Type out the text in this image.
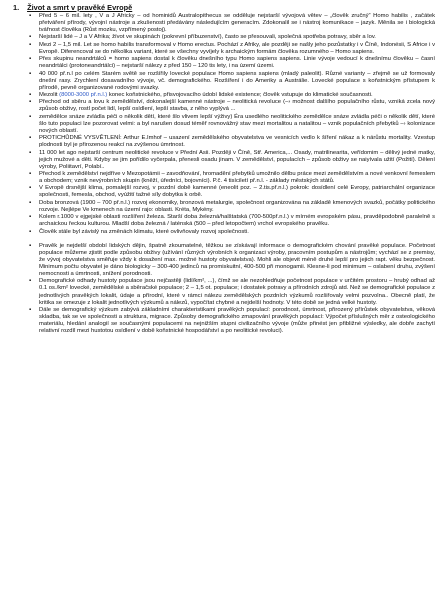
1. Život a smrt v pravěké Evropě
▪ Před 5 – 6 mil. lety , V a J Africky – od hominidů Australopithecus se odděluje nejstarší vývojová větev – „člověk zručný“ Homo habilis , začátek přetváření přírody, vývojní nástroje a zkušenosti předávány následujícím generacím. Zdokonalil se i nástroj komunikace – jazyk. Měnila se i biologická tvářnost člověka (Růst mozku, vzpřímený postoj).
▪ Nejstarší lidé – J a V Afrika; žívot ve skupinách (pokrevní příbuzenství), často se přesouvali, společná spotřeba potravy, sběr a lov.
▪ Mezi 2 – 1,5 mil. Let se homo habilis transformoval v Homo erectus. Pochází z Afriky, ale později se našly jeho pozůstatky i v Číně, Indonésii, S Africe i v Evropě. Diferencoval se do několika variant, které se všechny vyvíjely k archaickým formám člověka rozumného – Homo sapiens.
▪ Přes skupinu neandrtálců = homo sapiens dostal k člověku dnešního typu Homo sapiens sapiens. Linie vývoje vedoucí k dnešnímu člověku – časní neandrtálci (protoneandrtálci) – nejstarší nálezy z před 150 – 120 tis lety, i na území územi.
▪ 40 000 př.n.l po celém Starém světě se rozšířily lovecké populace Homo sapiens sapiens (mladý paleolit). Různé varianty – zřejmě se už formovaly dnešní rasy. Zrychlení dosavadního vývoje, vč. demografického. Rozšíření i do Ameriky a Austrálie. Lovecké populace s koňstnickým přístupem k přírodě, pevně organizované rodovými svazky.
▪ Mezolit (8000-3000 př.n.l.) konec koňstnického, přisvojovacího údobí lidské existence; člověk vstupuje do klimatické současnosti.
▪ Přechod od sběru a lovu k zemědělství, dokonalejší kamenné nástroje – neolitická revoluce (–› možnost dalšího populačního růstu, vzniká zcela nový způsob obživy, rostl počet lidí, lepší osídlení, lepší stavba, z něho vyplývá ...
▪ zemědělce snáze zvládla péči o několik dětí, které šlo vlivem lepší výživy) Éra usedlého neolitického zemědělce snáze zvládla péči o několik dětí, které šlo tuto populaci lze pozorovat velmi: a byl narušen dosud téměř rovnovážný stav mezi mortalitou a natalitou – vznik populačních přebytků –› kolonizace nových oblastí.
▪ PROTICHŮDNÉ VYSVĚTLENÍ: Arthur E.Imhof – usazení zemědělského obyvatelstva ve vesnicích vedlo k šíření nákaz a k nárůstu mortality. Vzestup plodnosti byl je přirozenou reakcí na zvýšenou úmrtnost.
▪ 11 000 let ago nejstarší centrum neolitické revoluce v Přední Asii. Později v Číně, Stř. America,... Osady, matrilinearita, veřídomim – dělivý jedné matky, jejich mužové a děti. Kdyby se jim pořídilo vyčerpala, přenesli osadu jinam. V zemědělství, populacích – způsob obživy se naiyívala užití (Požití). Dělení výroby, Poliitavrí, Polabí..
▪ Přechod k zemědělství nejdříve v Mezopotámii – zavodňování, hromadění přebytků umožnilo dělbu práce mezi zemědělstvím a nové venkovní řemeslem a obchodem; vznik nevýrobních skupin (kněží, úředníci, bojovníci). P.č. 4 tisíciletí př.n.l. - základy městských států.
▪ V Evropě drsnější klima, pomalejší rozvoj, v pozdní době kamenné (eneolit poz. – 2.tis.př.n.l.) pokrok: dosídlení celé Evropy, patriarchální organizace společnosti, řemesla, obchod, vyúžití tažné síly dobytka k orbě.
▪ Doba bronzová (1900 – 700 př.n.l.) rozvoj ekonomiky, bronzová metalurgie, společnost organizována na základě kmenových svazků, počátky politického rozvoje. Nejlépe Ve kmenech na území rajo: oblasti. Kréta, Mykény.
▪ Kolem r.1000 v ejgejské oblasti rozšíření železa. Starší doba železná/halštatská (700-500př.n.l.) v mírném evropském pásu, pravděpodobně paralelně s archaickou řeckou kulturou. Mladší doba železná / laténská (500 – před letopočtem) vrchol evropského pravěku.
▪ Člověk stále byl závislý na změnách klimatu, které ovlivňovaly rozvoj společnosti.
▪ Pravěk je nejdelší období lidských dějin, špatně zkoumatelné, těžkou se získávají informace o demografickém chování pravěké populace. Početnost populace můžeme zjistit podle způsobu obživy (užívání různých výrobních k organizaci výroby, pracovním postupům a nástrojům; vychází se z premisy, že vývoj obyvatelstva směřuje vždy k dosažení max. možné hustoty obyvatelstva). Mohli ale objevit méně druhé lepší pro jejich rapt. věku bezpečnost. Minimum počtu obyvatel je dáno biologicky – 300-400 jedinců na promiskuitní, 400-500 při monogamii. Klesne-li pod minimum – oslabení druhu, zvýšení nemocnosti a úmrtnosti, snížení porodnosti.
▪ Demografické odhady hustoty populace jsou nejčastěji (lidí/km², ...), čímž se ale nezohledňuje početnost populace v určitém prostoru – hrubý odhad až 0.1 os./km² lovecké, zemědělské a sběračské populace; 2 – 1,5 ot. populace; i dostatek potravy a přírodních zdrojů atd. Než se demografické populace z jednotlivých pravěkých lokalit, údaje a přírodní, které v rámci nálezu zemědělských pozdních výzkumů rozšiřovaly velmi pozvolna.. Obecně platí, že kritika se omezuje z lokalit jednotlivých výzkumů a nálezů, vypočítat chybné a nejdelší hodnoty. V této době se jedná velké hustoty.
▪ Dále se demografický výzkum zabývá základními charakteristikami pravěkých populací: porodnost, úmrtnost, přirozený přírůstek obyvatelstva, věková skladba, tak se ve společnosti a struktura, migrace. Způsoby demografického zmapování pravěkých populací: Výpočet příslušných měr z osteologického materiálu, hledání analogií se současnými populacemi na nejnižším stupni civilizačního vývoje (může přinést jen přibližné výsledky, ale dobře zachytí relativní rozdíl mezi hustotou osídlení v době koňstnické hospodářství a po neolitické revoluci).
